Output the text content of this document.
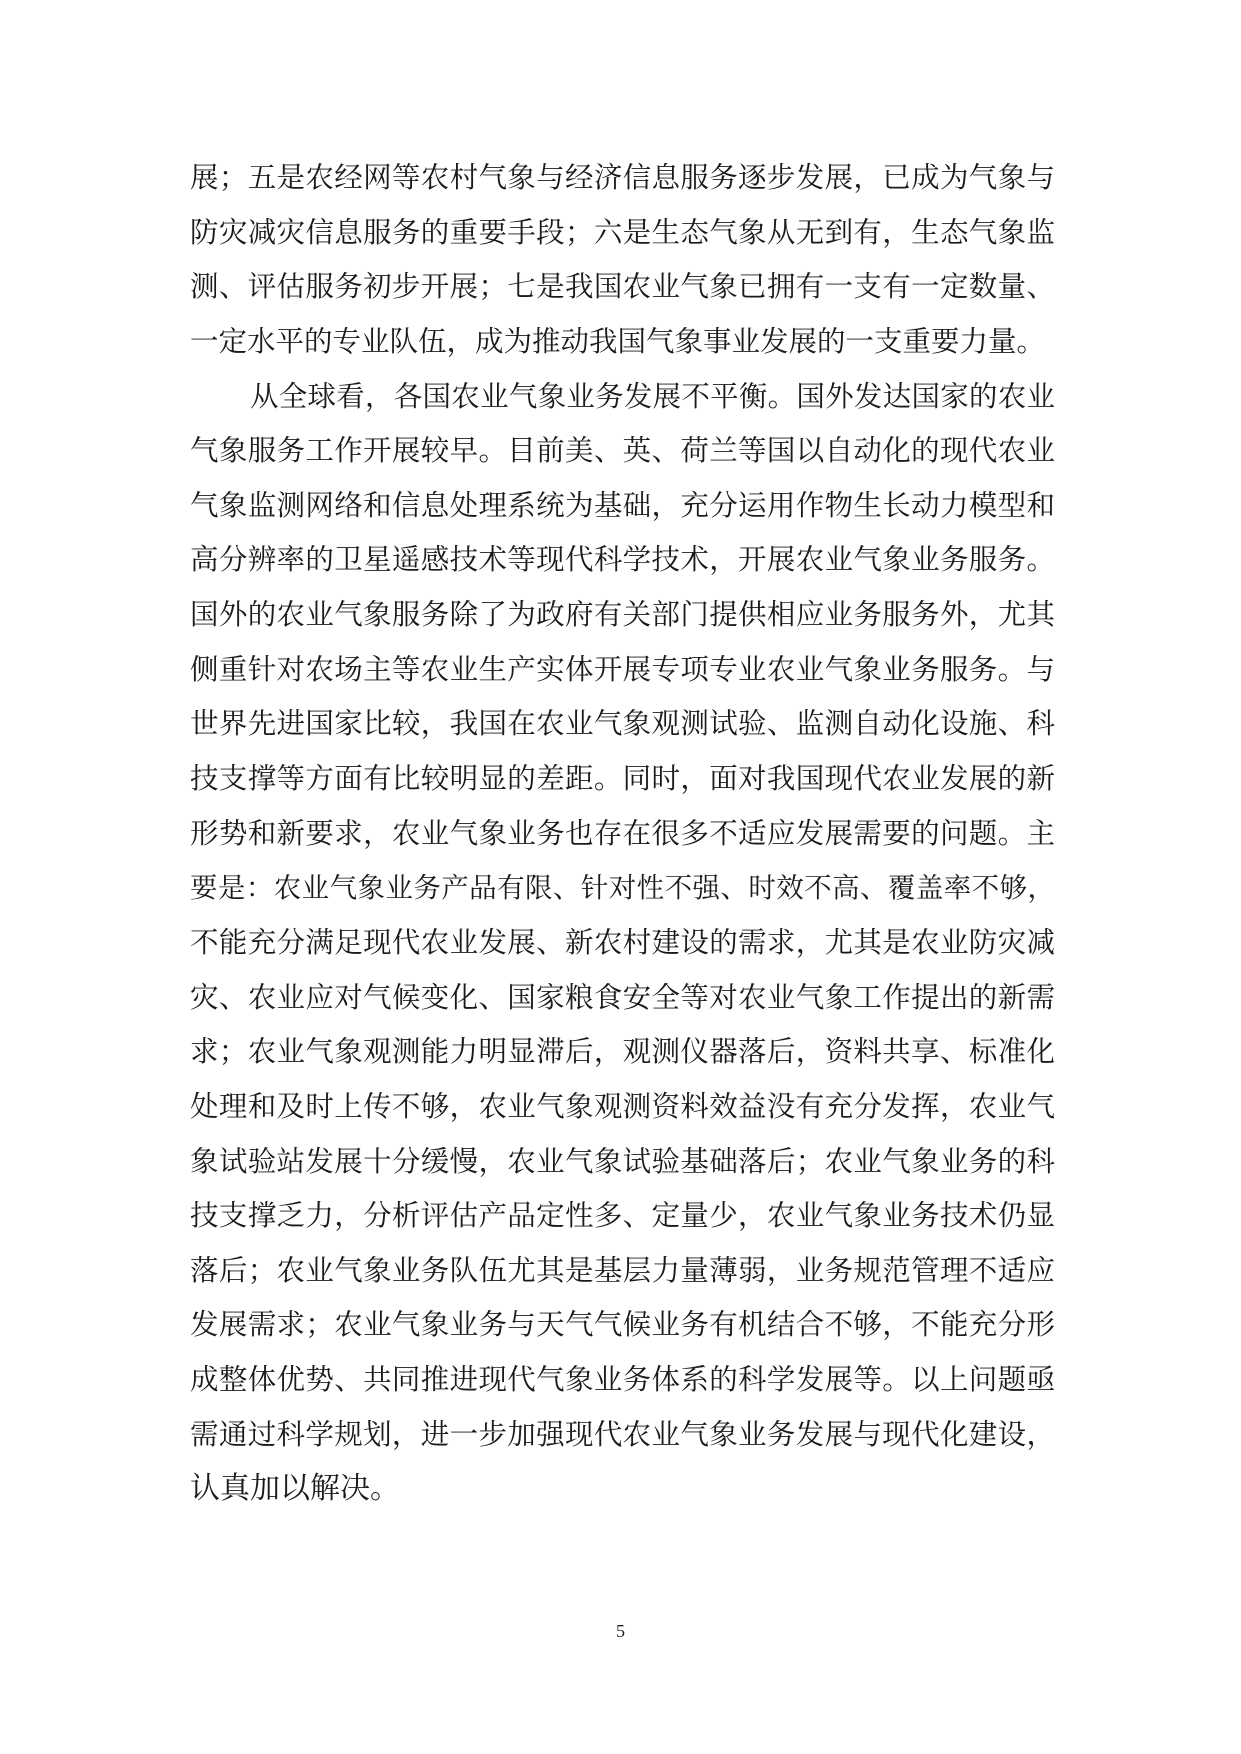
展；五是农经网等农村气象与经济信息服务逐步发展，已成为气象与
防灾减灾信息服务的重要手段；六是生态气象从无到有，生态气象监
测、评估服务初步开展；七是我国农业气象已拥有一支有一定数量、
一定水平的专业队伍，成为推动我国气象事业发展的一支重要力量。
从全球看，各国农业气象业务发展不平衡。国外发达国家的农业
气象服务工作开展较早。目前美、英、荷兰等国以自动化的现代农业
气象监测网络和信息处理系统为基础，充分运用作物生长动力模型和
高分辨率的卫星遥感技术等现代科学技术，开展农业气象业务服务。
国外的农业气象服务除了为政府有关部门提供相应业务服务外，尤其
侧重针对农场主等农业生产实体开展专项专业农业气象业务服务。与
世界先进国家比较，我国在农业气象观测试验、监测自动化设施、科
技支撑等方面有比较明显的差距。同时，面对我国现代农业发展的新
形势和新要求，农业气象业务也存在很多不适应发展需要的问题。主
要是：农业气象业务产品有限、针对性不强、时效不高、覆盖率不够，
不能充分满足现代农业发展、新农村建设的需求，尤其是农业防灾减
灾、农业应对气候变化、国家粮食安全等对农业气象工作提出的新需
求；农业气象观测能力明显滞后，观测仪器落后，资料共享、标准化
处理和及时上传不够，农业气象观测资料效益没有充分发挥，农业气
象试验站发展十分缓慢，农业气象试验基础落后；农业气象业务的科
技支撑乏力，分析评估产品定性多、定量少，农业气象业务技术仍显
落后；农业气象业务队伍尤其是基层力量薄弱，业务规范管理不适应
发展需求；农业气象业务与天气气候业务有机结合不够，不能充分形
成整体优势、共同推进现代气象业务体系的科学发展等。以上问题亟
需通过科学规划，进一步加强现代农业气象业务发展与现代化建设，
认真加以解决。
5
